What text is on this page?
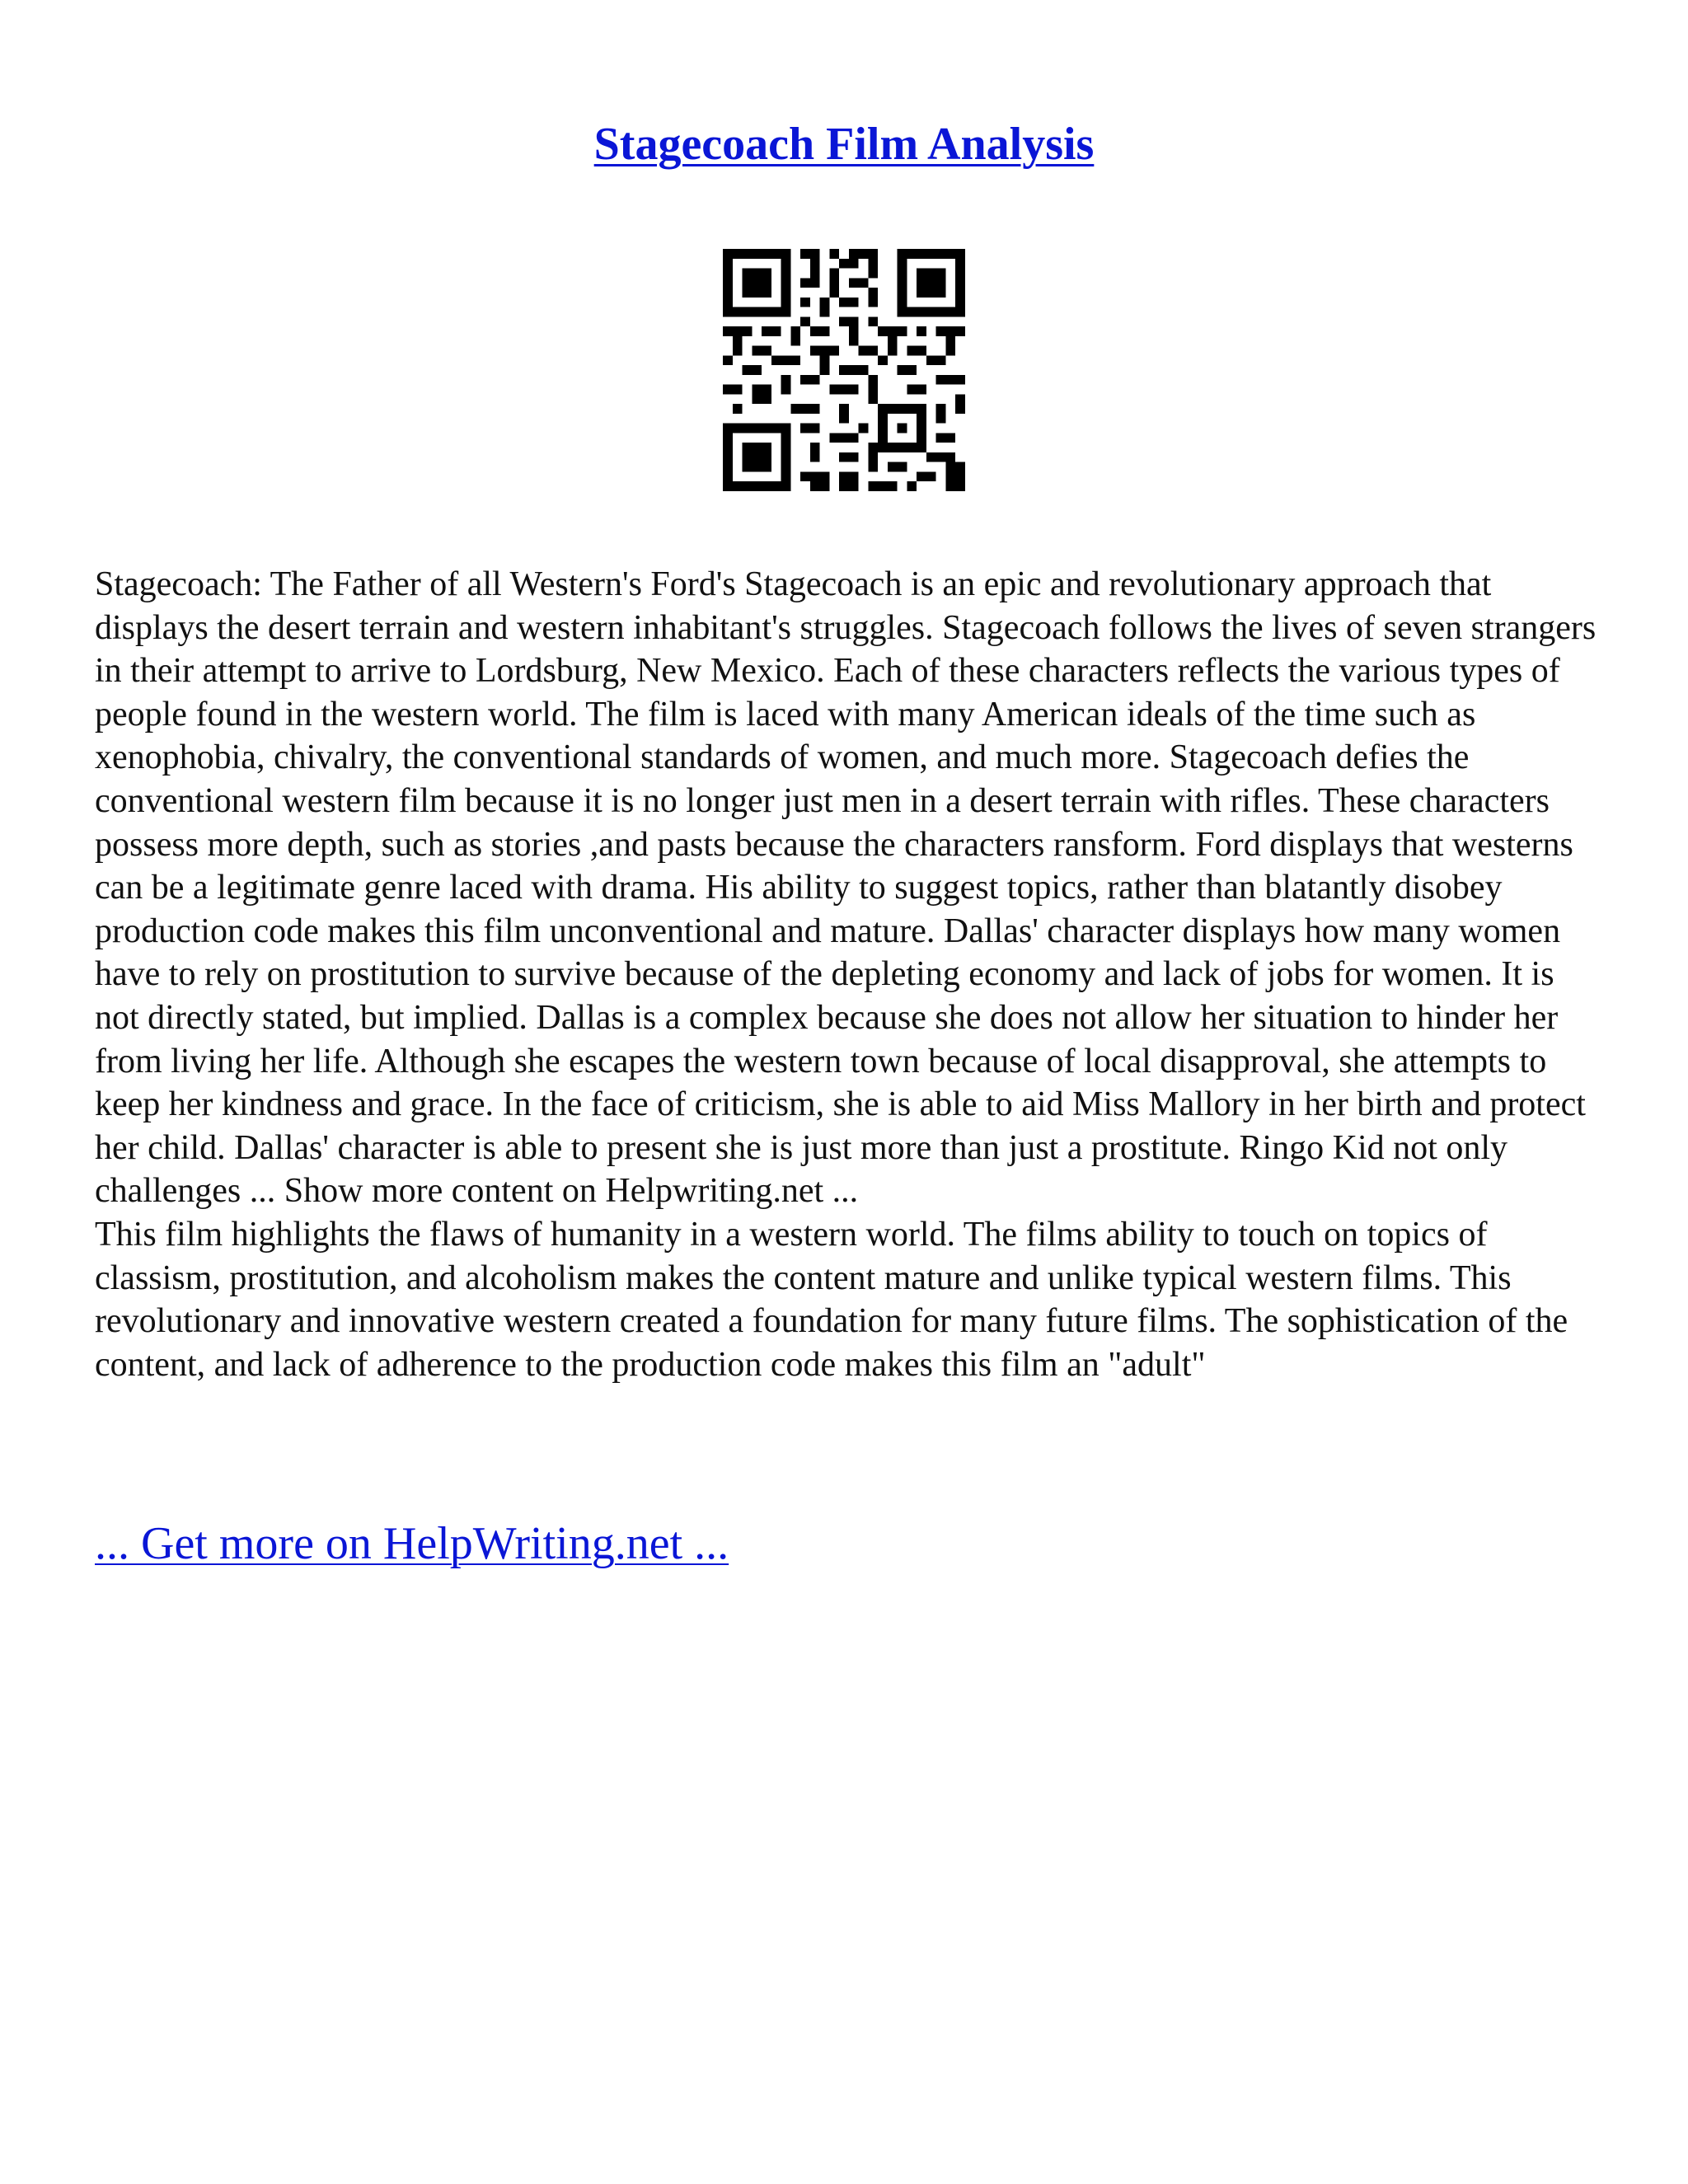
Stagecoach Film Analysis

Stagecoach: The Father of all Western's Ford's Stagecoach is an epic and revolutionary approach that displays the desert terrain and western inhabitant's struggles. Stagecoach follows the lives of seven strangers in their attempt to arrive to Lordsburg, New Mexico. Each of these characters reflects the various types of people found in the western world. The film is laced with many American ideals of the time such as xenophobia, chivalry, the conventional standards of women, and much more. Stagecoach defies the conventional western film because it is no longer just men in a desert terrain with rifles. These characters possess more depth, such as stories ,and pasts because the characters ransform. Ford displays that westerns can be a legitimate genre laced with drama. His ability to suggest topics, rather than blatantly disobey production code makes this film unconventional and mature. Dallas' character displays how many women have to rely on prostitution to survive because of the depleting economy and lack of jobs for women. It is not directly stated, but implied. Dallas is a complex because she does not allow her situation to hinder her from living her life. Although she escapes the western town because of local disapproval, she attempts to keep her kindness and grace. In the face of criticism, she is able to aid Miss Mallory in her birth and protect her child. Dallas' character is able to present she is just more than just a prostitute. Ringo Kid not only challenges ... Show more content on Helpwriting.net ...

This film highlights the flaws of humanity in a western world. The films ability to touch on topics of classism, prostitution, and alcoholism makes the content mature and unlike typical western films. This revolutionary and innovative western created a foundation for many future films. The sophistication of the content, and lack of adherence to the production code makes this film an "adult"

... Get more on HelpWriting.net ...
